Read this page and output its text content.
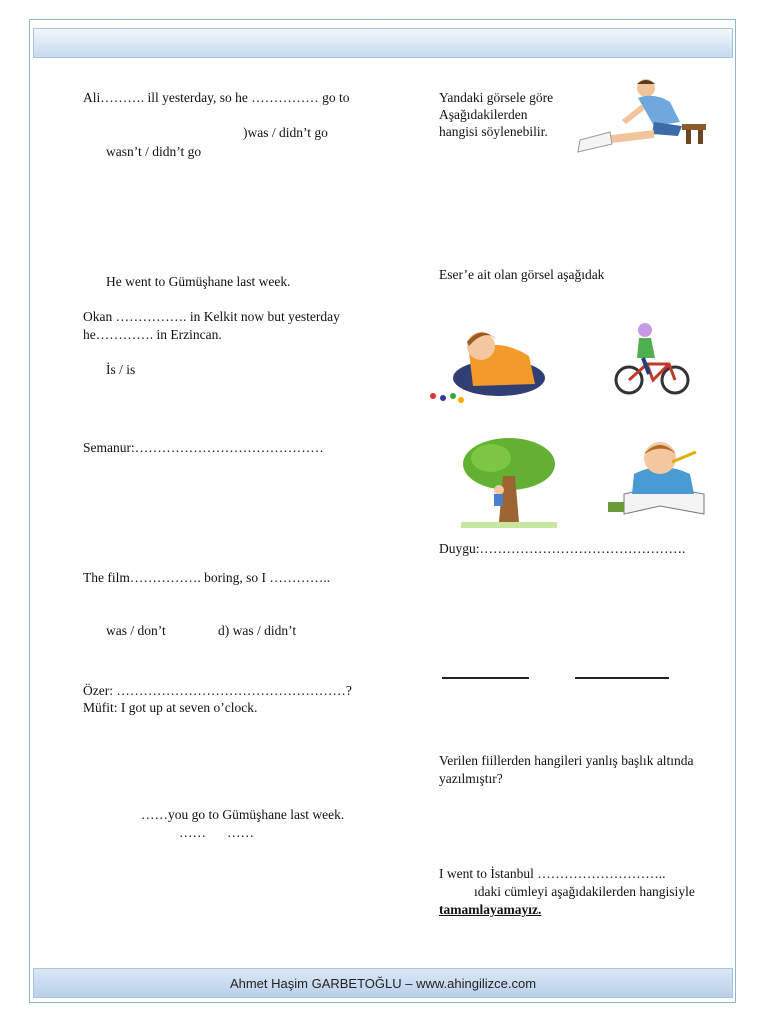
Ali………. ill yesterday, so he …………… go to
)was / didn’t go
wasn’t / didn’t go
He went to Gümüşhane last week.
Okan ……………. in Kelkit now but yesterday
he…………. in Erzincan.
İs / is
Semanur:……………………………………
The film……………. boring, so I …………..
was / don’t	d) was / didn’t
Özer: ……………………………………………?
Müfit: I got up at seven o’clock.
……you go to Gümüşhane last week.
…… ……
Yandaki görsele göre
Aşağıdakilerden
hangisi söylenebilir.
Eser’e ait olan görsel aşağıdak
Duygu:……………………………………….
Verilen fiillerden hangileri yanlış başlık altında
yazılmıştır?
I went to İstanbul ………………………..
ıdaki cümleyi aşağıdakilerden hangisiyle
tamamlayamayız.
Ahmet Haşim GARBETOĞLU – www.ahingilizce.com
